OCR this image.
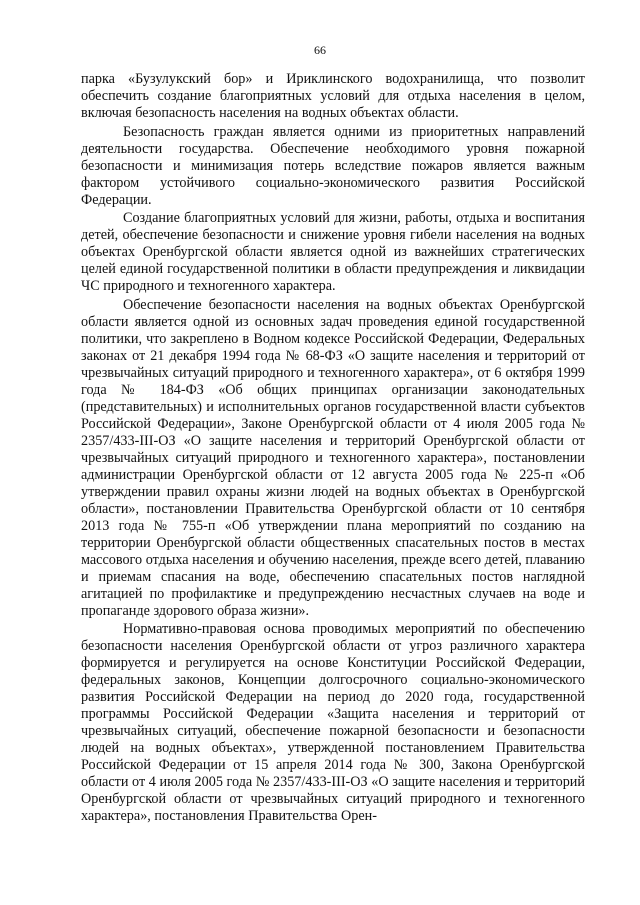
66

парка «Бузулукский бор» и Ириклинского водохранилища, что позволит обеспечить создание благоприятных условий для отдыха населения в целом, включая безопасность населения на водных объектах области.

Безопасность граждан является одними из приоритетных направлений деятельности государства. Обеспечение необходимого уровня пожарной безопасности и минимизация потерь вследствие пожаров является важным фактором устойчивого социально-экономического развития Российской Федерации.

Создание благоприятных условий для жизни, работы, отдыха и воспитания детей, обеспечение безопасности и снижение уровня гибели населения на водных объектах Оренбургской области является одной из важнейших стратегических целей единой государственной политики в области предупреждения и ликвидации ЧС природного и техногенного характера.

Обеспечение безопасности населения на водных объектах Оренбургской области является одной из основных задач проведения единой государственной политики, что закреплено в Водном кодексе Российской Федерации, Федеральных законах от 21 декабря 1994 года № 68-ФЗ «О защите населения и территорий от чрезвычайных ситуаций природного и техногенного характера», от 6 октября 1999 года № 184-ФЗ «Об общих принципах организации законодательных (представительных) и исполнительных органов государственной власти субъектов Российской Федерации», Законе Оренбургской области от 4 июля 2005 года № 2357/433-III-ОЗ «О защите населения и территорий Оренбургской области от чрезвычайных ситуаций природного и техногенного характера», постановлении администрации Оренбургской области от 12 августа 2005 года № 225-п «Об утверждении правил охраны жизни людей на водных объектах в Оренбургской области», постановлении Правительства Оренбургской области от 10 сентября 2013 года № 755-п «Об утверждении плана мероприятий по созданию на территории Оренбургской области общественных спасательных постов в местах массового отдыха населения и обучению населения, прежде всего детей, плаванию и приемам спасания на воде, обеспечению спасательных постов наглядной агитацией по профилактике и предупреждению несчастных случаев на воде и пропаганде здорового образа жизни».

Нормативно-правовая основа проводимых мероприятий по обеспечению безопасности населения Оренбургской области от угроз различного характера формируется и регулируется на основе Конституции Российской Федерации, федеральных законов, Концепции долгосрочного социально-экономического развития Российской Федерации на период до 2020 года, государственной программы Российской Федерации «Защита населения и территорий от чрезвычайных ситуаций, обеспечение пожарной безопасности и безопасности людей на водных объектах», утвержденной постановлением Правительства Российской Федерации от 15 апреля 2014 года № 300, Закона Оренбургской области от 4 июля 2005 года № 2357/433-III-ОЗ «О защите населения и территорий Оренбургской области от чрезвычайных ситуаций природного и техногенного характера», постановления Правительства Орен-
